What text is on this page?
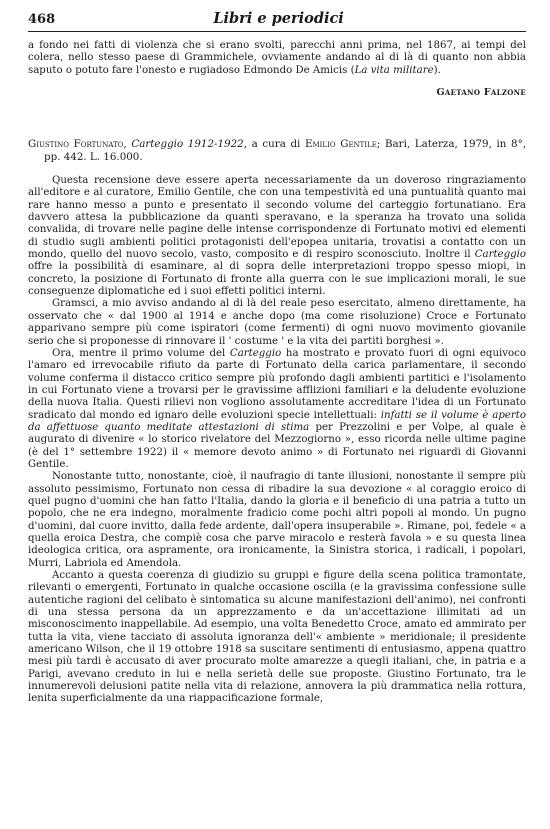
468	Libri e periodici

a fondo nei fatti di violenza che si erano svolti, parecchi anni prima, nel 1867, ai tempi del colera, nello stesso paese di Grammichele, ovviamente andando al di là di quanto non abbia saputo o potuto fare l'onesto e rugiadoso Edmondo De Amicis (La vita militare).

Gaetano Falzone

Giustino Fortunato, Carteggio 1912-1922, a cura di Emilio Gentile; Bari, Laterza, 1979, in 8°, pp. 442. L. 16.000.

Questa recensione deve essere aperta necessariamente da un doveroso ringraziamento all'editore e al curatore, Emilio Gentile, che con una tempestività ed una puntualità quanto mai rare hanno messo a punto e presentato il secondo volume del carteggio fortunatiano. Era davvero attesa la pubblicazione da quanti speravano, e la speranza ha trovato una solida convalida, di trovare nelle pagine delle intense corrispondenze di Fortunato motivi ed elementi di studio sugli ambienti politici protagonisti dell'epopea unitaria, trovatisi a contatto con un mondo, quello del nuovo secolo, vasto, composito e di respiro sconosciuto. Inoltre il Carteggio offre la possibilità di esaminare, al di sopra delle interpretazioni troppo spesso miopi, in concreto, la posizione di Fortunato di fronte alla guerra con le sue implicazioni morali, le sue conseguenze diplomatiche ed i suoi effetti politici interni.

Gramsci, a mio avviso andando al di là del reale peso esercitato, almeno direttamente, ha osservato che « dal 1900 al 1914 e anche dopo (ma come risoluzione) Croce e Fortunato apparivano sempre più come ispiratori (come fermenti) di ogni nuovo movimento giovanile serio che si proponesse di rinnovare il ' costume ' e la vita dei partiti borghesi ».

Ora, mentre il primo volume del Carteggio ha mostrato e provato fuori di ogni equivoco l'amaro ed irrevocabile rifiuto da parte di Fortunato della carica parlamentare, il secondo volume conferma il distacco critico sempre più profondo dagli ambienti partitici e l'isolamento in cui Fortunato viene a trovarsi per le gravissime afflizioni familiari e la deludente evoluzione della nuova Italia. Questi rilievi non vogliono assolutamente accreditare l'idea di un Fortunato sradicato dal mondo ed ignaro delle evoluzioni specie intellettuali: infatti se il volume è aperto da affettuose quanto meditate attestazioni di stima per Prezzolini e per Volpe, al quale è augurato di divenire « lo storico rivelatore del Mezzogiorno », esso ricorda nelle ultime pagine (è del 1° settembre 1922) il « memore devoto animo » di Fortunato nei riguardi di Giovanni Gentile.

Nonostante tutto, nonostante, cioè, il naufragio di tante illusioni, nonostante il sempre più assoluto pessimismo, Fortunato non cessa di ribadire la sua devozione « al coraggio eroico di quel pugno d'uomini che han fatto l'Italia, dando la gloria e il beneficio di una patria a tutto un popolo, che ne era indegno, moralmente fradicio come pochi altri popoli al mondo. Un pugno d'uomini, dal cuore invitto, dalla fede ardente, dall'opera insuperabile ». Rimane, poi, fedele « a quella eroica Destra, che compiè cosa che parve miracolo e resterà favola » e su questa linea ideologica critica, ora aspramente, ora ironicamente, la Sinistra storica, i radicali, i popolari, Murri, Labriola ed Amendola.

Accanto a questa coerenza di giudizio su gruppi e figure della scena politica tramontate, rilevanti o emergenti, Fortunato in qualche occasione oscilla (e la gravissima confessione sulle autentiche ragioni del celibato è sintomatica su alcune manifestazioni dell'animo), nei confronti di una stessa persona da un apprezzamento e da un'accettazione illimitati ad un misconoscimento inappellabile. Ad esempio, una volta Benedetto Croce, amato ed ammirato per tutta la vita, viene tacciato di assoluta ignoranza dell'« ambiente » meridionale; il presidente americano Wilson, che il 19 ottobre 1918 sa suscitare sentimenti di entusiasmo, appena quattro mesi più tardi è accusato di aver procurato molte amarezze a quegli italiani, che, in patria e a Parigi, avevano creduto in lui e nella serietà delle sue proposte. Giustino Fortunato, tra le innumerevoli delusioni patite nella vita di relazione, annovera la più drammatica nella rottura, lenita superficialmente da una riappacificazione formale,
